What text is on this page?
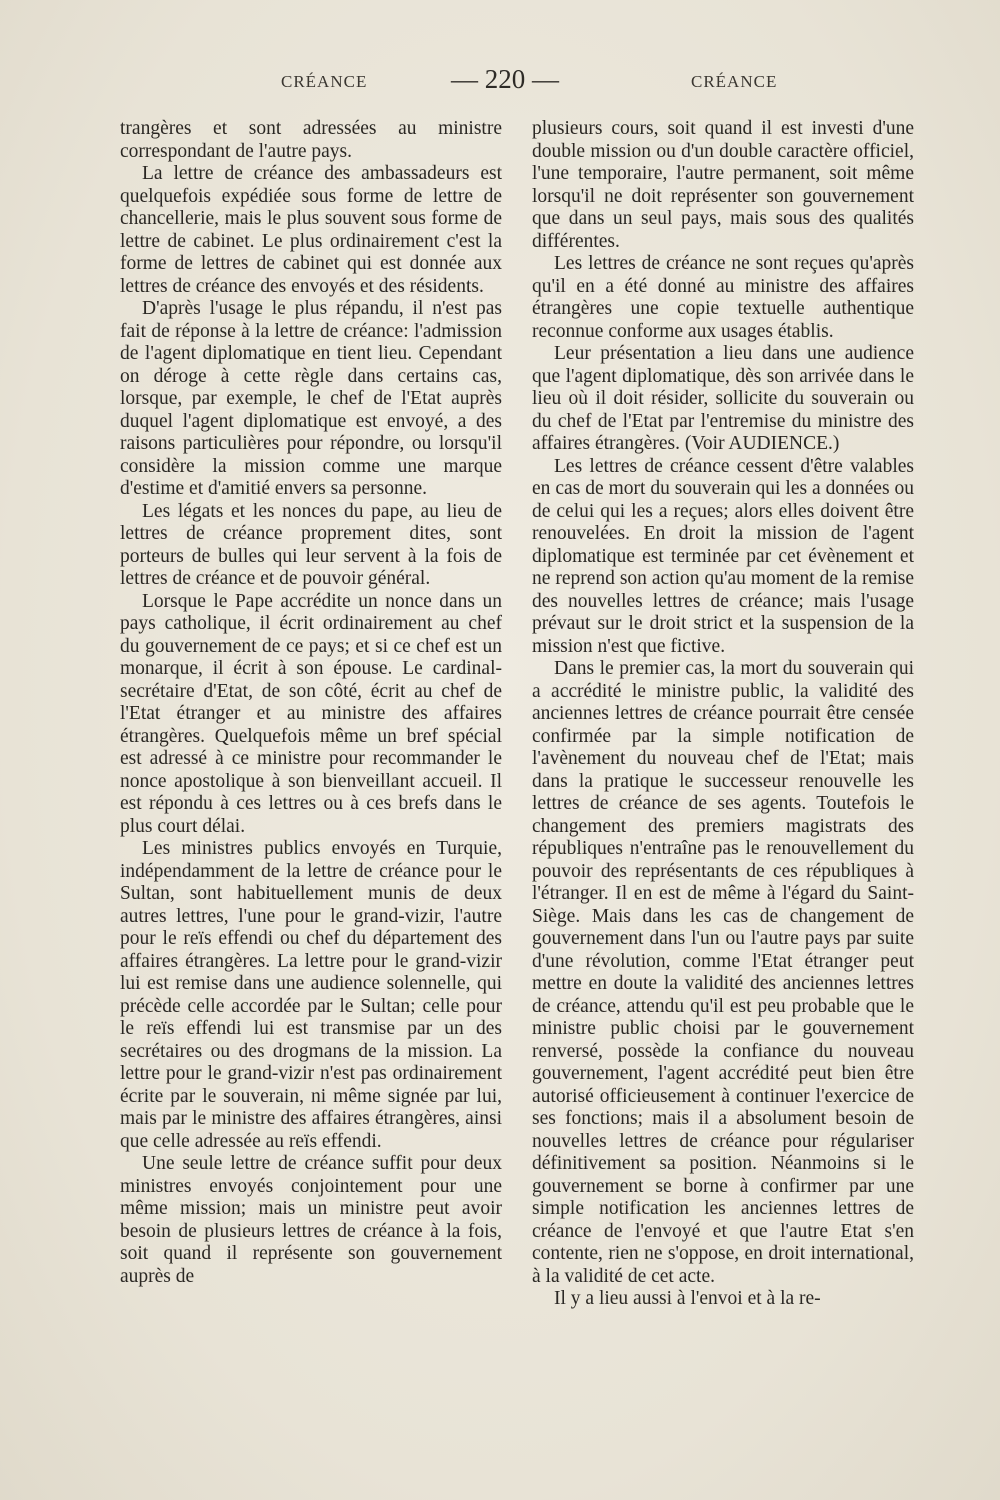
CRÉANCE	— 220 —	CRÉANCE

trangères et sont adressées au ministre correspondant de l'autre pays.

La lettre de créance des ambassadeurs est quelquefois expédiée sous forme de lettre de chancellerie, mais le plus souvent sous forme de lettre de cabinet. Le plus ordinairement c'est la forme de lettres de cabinet qui est donnée aux lettres de créance des envoyés et des résidents.

D'après l'usage le plus répandu, il n'est pas fait de réponse à la lettre de créance: l'admission de l'agent diplomatique en tient lieu. Cependant on déroge à cette règle dans certains cas, lorsque, par exemple, le chef de l'Etat auprès duquel l'agent diplomatique est envoyé, a des raisons particulières pour répondre, ou lorsqu'il considère la mission comme une marque d'estime et d'amitié envers sa personne.

Les légats et les nonces du pape, au lieu de lettres de créance proprement dites, sont porteurs de bulles qui leur servent à la fois de lettres de créance et de pouvoir général.

Lorsque le Pape accrédite un nonce dans un pays catholique, il écrit ordinairement au chef du gouvernement de ce pays; et si ce chef est un monarque, il écrit à son épouse. Le cardinal-secrétaire d'Etat, de son côté, écrit au chef de l'Etat étranger et au ministre des affaires étrangères. Quelquefois même un bref spécial est adressé à ce ministre pour recommander le nonce apostolique à son bienveillant accueil. Il est répondu à ces lettres ou à ces brefs dans le plus court délai.

Les ministres publics envoyés en Turquie, indépendamment de la lettre de créance pour le Sultan, sont habituellement munis de deux autres lettres, l'une pour le grand-vizir, l'autre pour le reïs effendi ou chef du département des affaires étrangères. La lettre pour le grand-vizir lui est remise dans une audience solennelle, qui précède celle accordée par le Sultan; celle pour le reïs effendi lui est transmise par un des secrétaires ou des drogmans de la mission. La lettre pour le grand-vizir n'est pas ordinairement écrite par le souverain, ni même signée par lui, mais par le ministre des affaires étrangères, ainsi que celle adressée au reïs effendi.

Une seule lettre de créance suffit pour deux ministres envoyés conjointement pour une même mission; mais un ministre peut avoir besoin de plusieurs lettres de créance à la fois, soit quand il représente son gouvernement auprès de

plusieurs cours, soit quand il est investi d'une double mission ou d'un double caractère officiel, l'une temporaire, l'autre permanent, soit même lorsqu'il ne doit représenter son gouvernement que dans un seul pays, mais sous des qualités différentes.

Les lettres de créance ne sont reçues qu'après qu'il en a été donné au ministre des affaires étrangères une copie textuelle authentique reconnue conforme aux usages établis.

Leur présentation a lieu dans une audience que l'agent diplomatique, dès son arrivée dans le lieu où il doit résider, sollicite du souverain ou du chef de l'Etat par l'entremise du ministre des affaires étrangères. (Voir AUDIENCE.)

Les lettres de créance cessent d'être valables en cas de mort du souverain qui les a données ou de celui qui les a reçues; alors elles doivent être renouvelées. En droit la mission de l'agent diplomatique est terminée par cet évènement et ne reprend son action qu'au moment de la remise des nouvelles lettres de créance; mais l'usage prévaut sur le droit strict et la suspension de la mission n'est que fictive.

Dans le premier cas, la mort du souverain qui a accrédité le ministre public, la validité des anciennes lettres de créance pourrait être censée confirmée par la simple notification de l'avènement du nouveau chef de l'Etat; mais dans la pratique le successeur renouvelle les lettres de créance de ses agents. Toutefois le changement des premiers magistrats des républiques n'entraîne pas le renouvellement du pouvoir des représentants de ces républiques à l'étranger. Il en est de même à l'égard du Saint-Siège. Mais dans les cas de changement de gouvernement dans l'un ou l'autre pays par suite d'une révolution, comme l'Etat étranger peut mettre en doute la validité des anciennes lettres de créance, attendu qu'il est peu probable que le ministre public choisi par le gouvernement renversé, possède la confiance du nouveau gouvernement, l'agent accrédité peut bien être autorisé officieusement à continuer l'exercice de ses fonctions; mais il a absolument besoin de nouvelles lettres de créance pour régulariser définitivement sa position. Néanmoins si le gouvernement se borne à confirmer par une simple notification les anciennes lettres de créance de l'envoyé et que l'autre Etat s'en contente, rien ne s'oppose, en droit international, à la validité de cet acte.

Il y a lieu aussi à l'envoi et à la re-
